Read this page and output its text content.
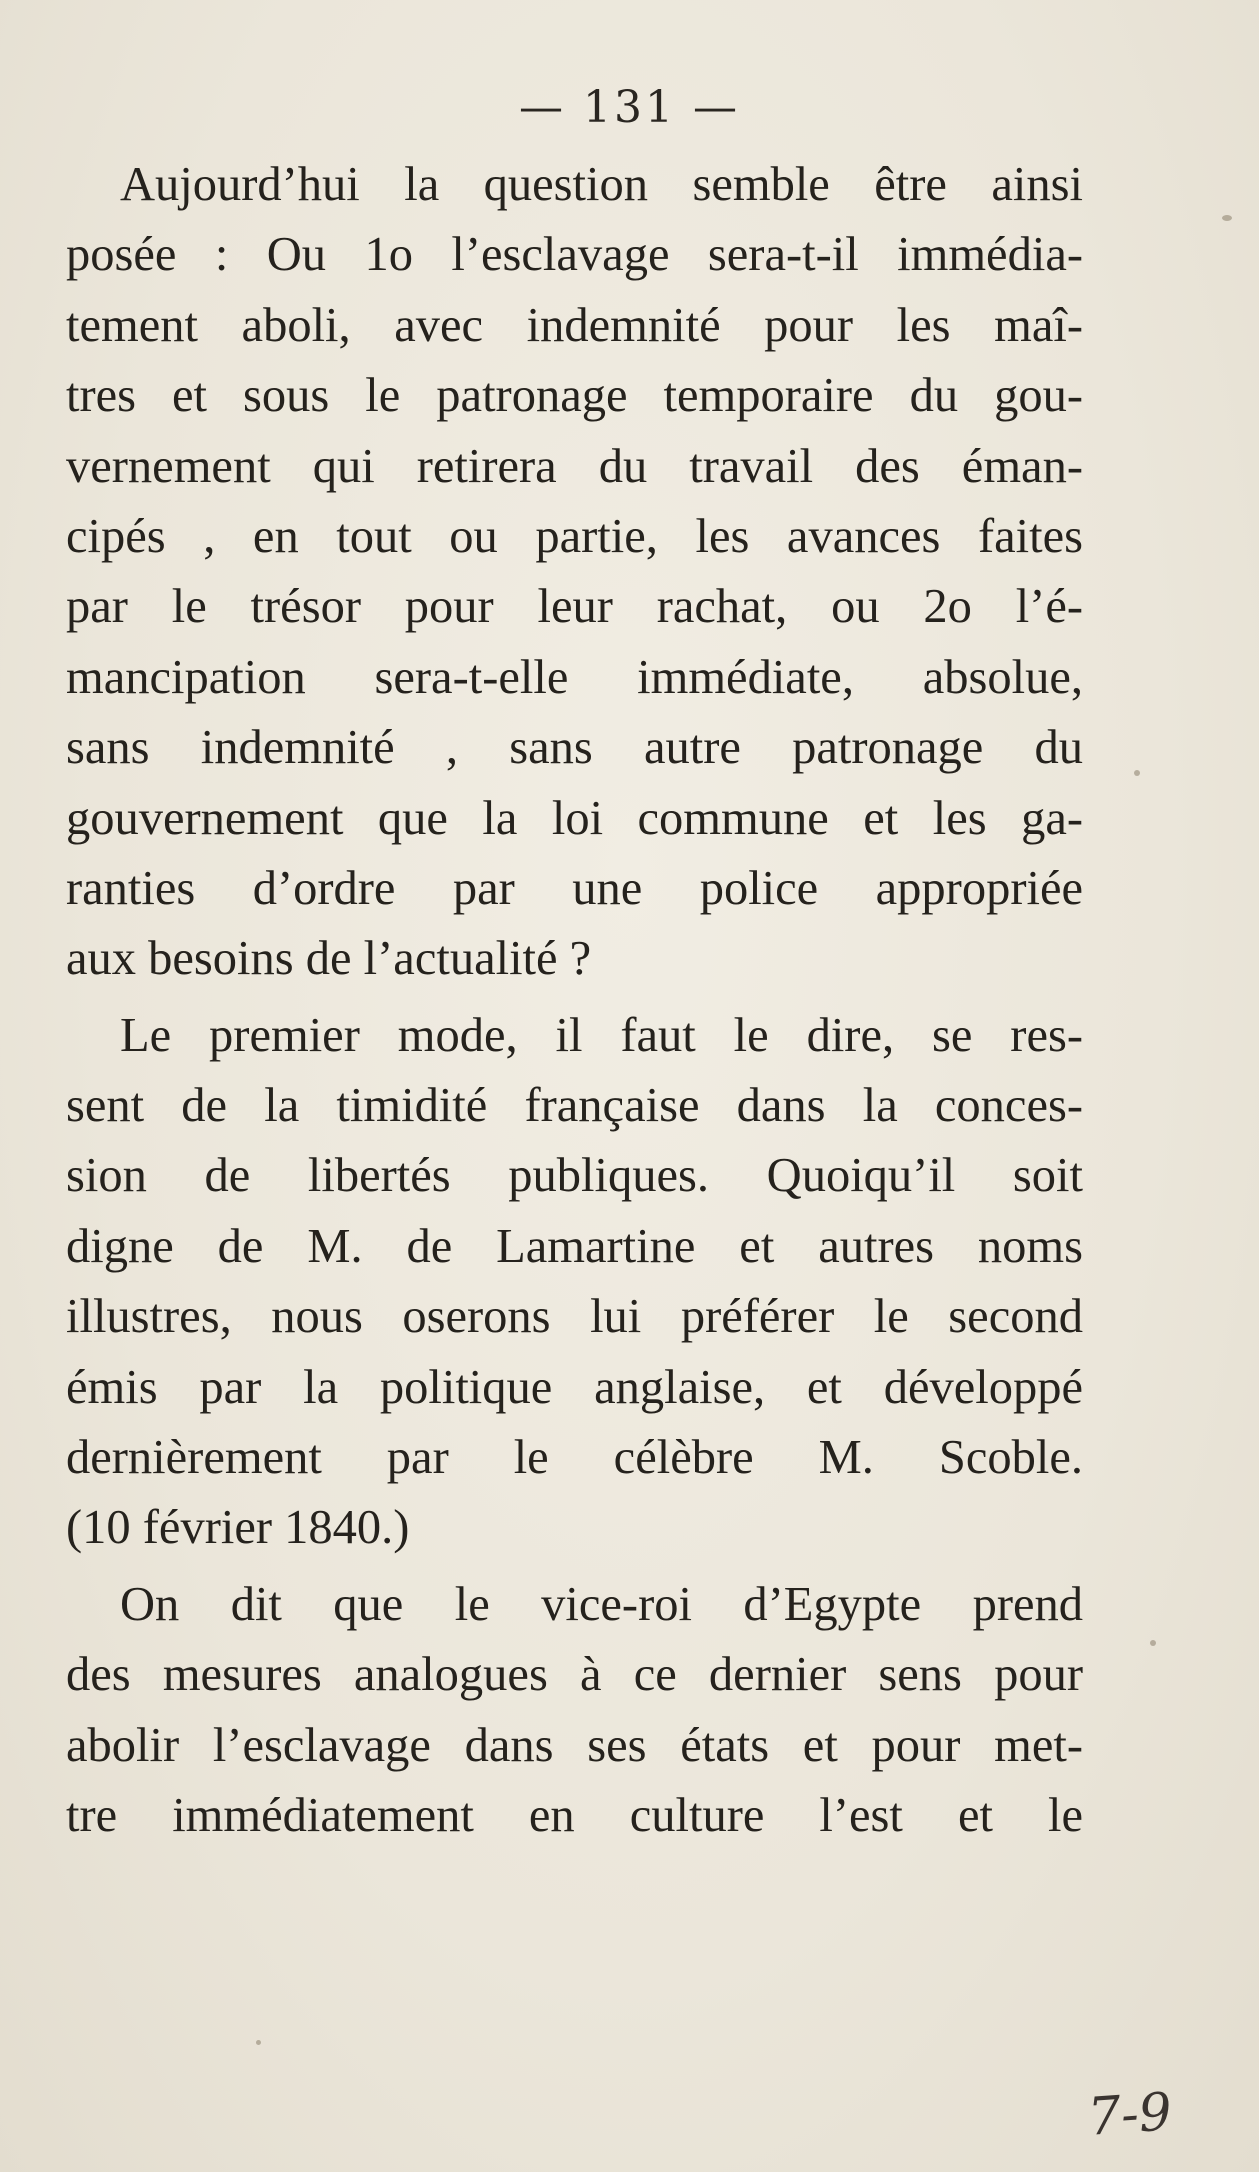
— 131 —
Aujourd’hui la question semble être ainsi
posée : Ou 1o l’esclavage sera-t-il immédia-
tement aboli, avec indemnité pour les maî-
tres et sous le patronage temporaire du gou-
vernement qui retirera du travail des éman-
cipés , en tout ou partie, les avances faites
par le trésor pour leur rachat, ou 2o l’é-
mancipation sera-t-elle immédiate, absolue,
sans indemnité , sans autre patronage du
gouvernement que la loi commune et les ga-
ranties d’ordre par une police appropriée
aux besoins de l’actualité ?
Le premier mode, il faut le dire, se res-
sent de la timidité française dans la conces-
sion de libertés publiques. Quoiqu’il soit
digne de M. de Lamartine et autres noms
illustres, nous oserons lui préférer le second
émis par la politique anglaise, et développé
dernièrement par le célèbre M. Scoble.
(10 février 1840.)
On dit que le vice-roi d’Egypte prend
des mesures analogues à ce dernier sens pour
abolir l’esclavage dans ses états et pour met-
tre immédiatement en culture l’est et le
7-9
